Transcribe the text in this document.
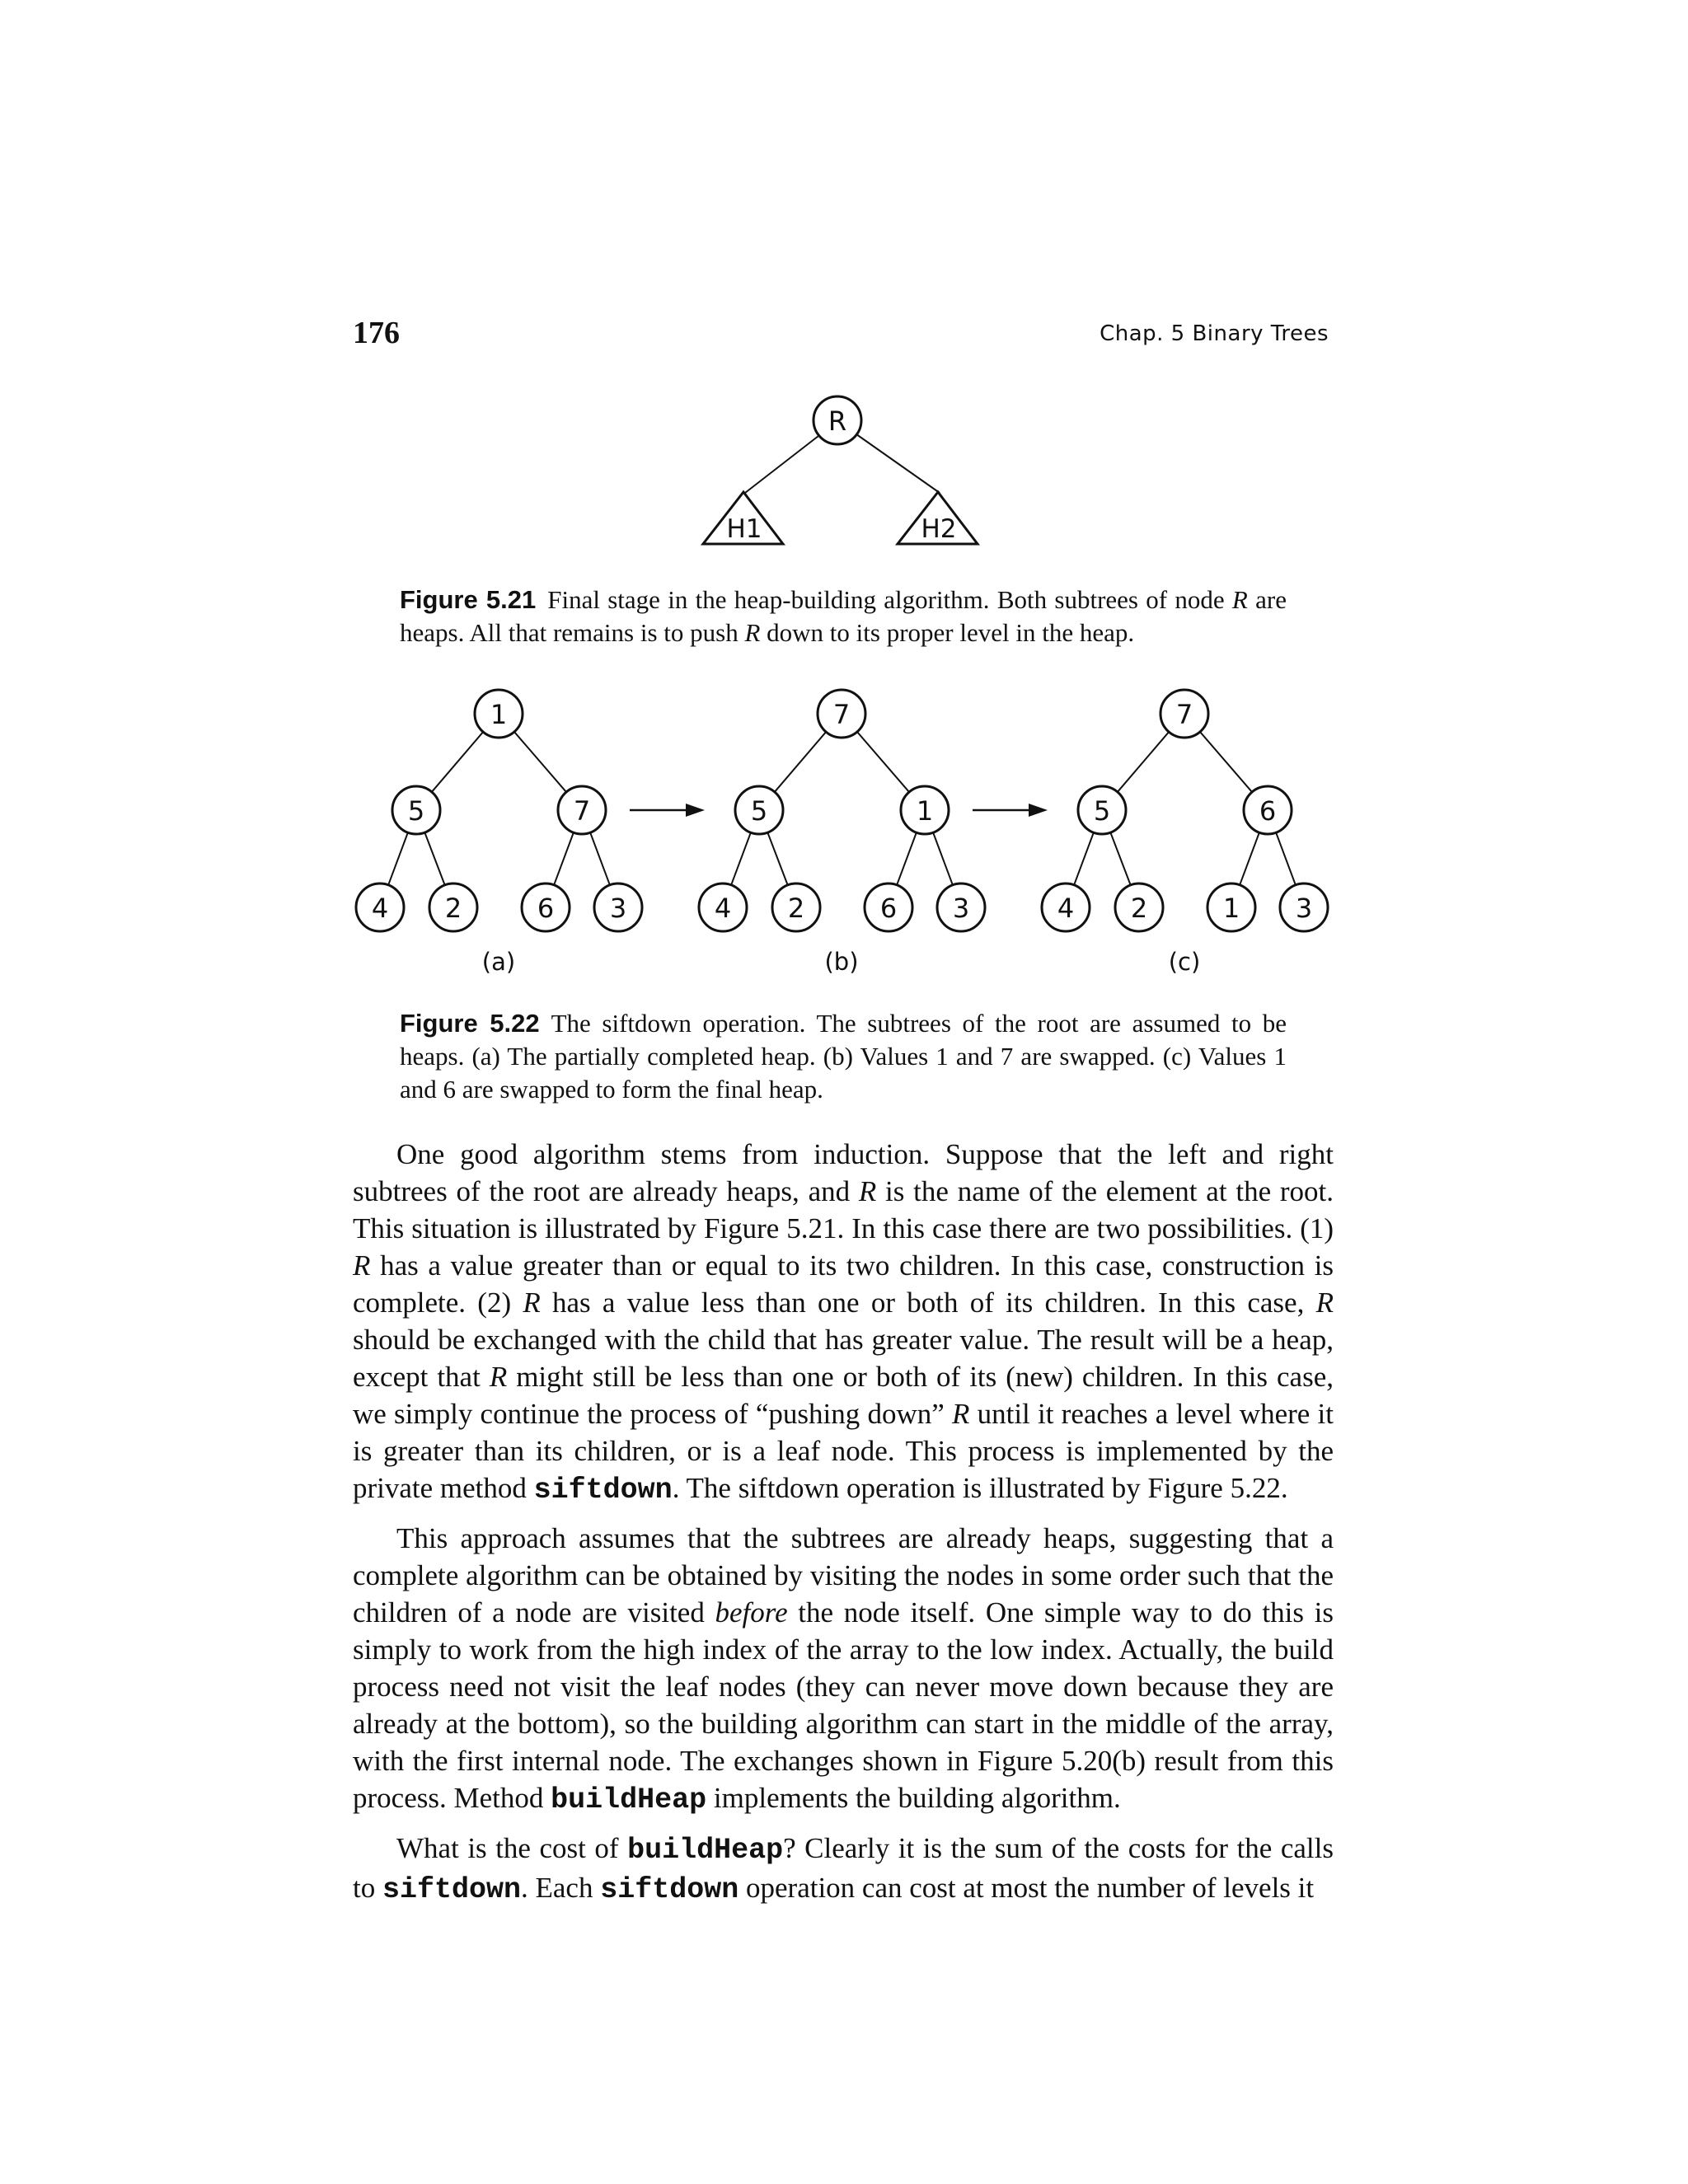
176	Chap. 5 Binary Trees
R
H1	H2
Figure 5.21 Final stage in the heap-building algorithm. Both subtrees of node R are heaps. All that remains is to push R down to its proper level in the heap.
1
5	7
4 2	6 3
(a)
7
5	1
4 2	6 3
(b)
7
5	6
4 2	1 3
(c)
Figure 5.22 The siftdown operation. The subtrees of the root are assumed to be heaps. (a) The partially completed heap. (b) Values 1 and 7 are swapped. (c) Values 1 and 6 are swapped to form the final heap.

One good algorithm stems from induction. Suppose that the left and right subtrees of the root are already heaps, and R is the name of the element at the root. This situation is illustrated by Figure 5.21. In this case there are two possibilities. (1) R has a value greater than or equal to its two children. In this case, construction is complete. (2) R has a value less than one or both of its children. In this case, R should be exchanged with the child that has greater value. The result will be a heap, except that R might still be less than one or both of its (new) children. In this case, we simply continue the process of “pushing down” R until it reaches a level where it is greater than its children, or is a leaf node. This process is implemented by the private method siftdown. The siftdown operation is illustrated by Figure 5.22.

This approach assumes that the subtrees are already heaps, suggesting that a complete algorithm can be obtained by visiting the nodes in some order such that the children of a node are visited before the node itself. One simple way to do this is simply to work from the high index of the array to the low index. Actually, the build process need not visit the leaf nodes (they can never move down because they are already at the bottom), so the building algorithm can start in the middle of the array, with the first internal node. The exchanges shown in Figure 5.20(b) result from this process. Method buildHeap implements the building algorithm.

What is the cost of buildHeap? Clearly it is the sum of the costs for the calls to siftdown. Each siftdown operation can cost at most the number of levels it
